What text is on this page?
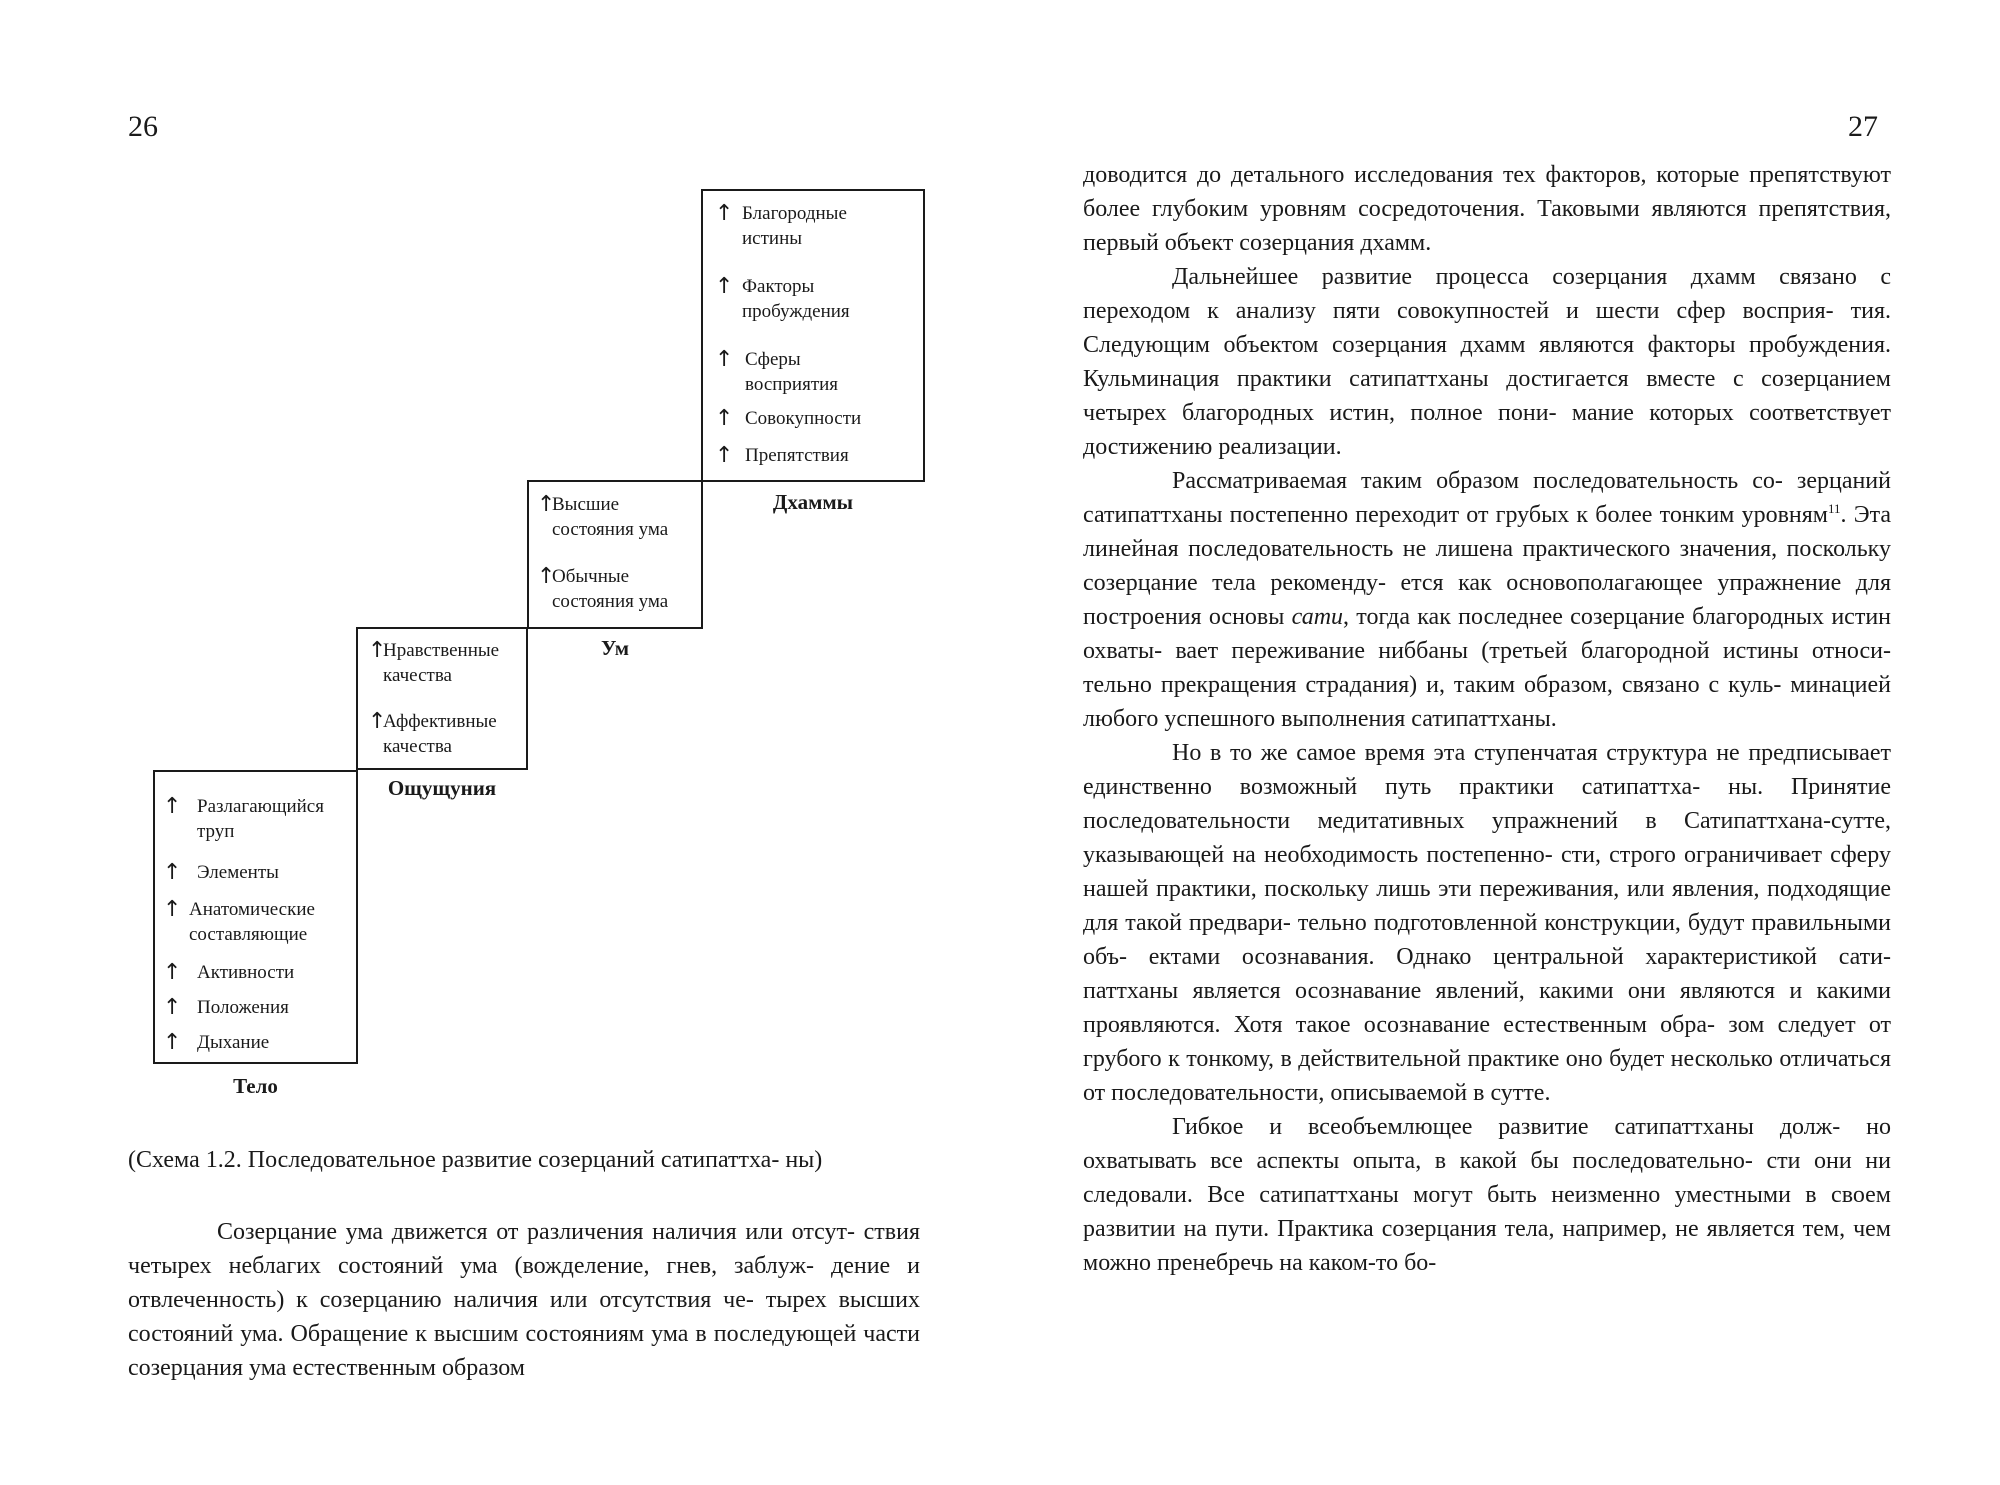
26	27
↑ Разлагающийся
труп
↑ Элементы
↑ Анатомические
составляющие
↑ Активности
↑ Положения
↑ Дыхание
Тело
↑
Нравственные
качества
↑
Аффективные
качества
Ощущуния
↑
Высшие
состояния ума
↑
Обычные
состояния ума
Ум
↑ Благородные
истины
↑ Факторы
пробуждения
↑ Сферы
восприятия
↑ Совокупности
↑ Препятствия
Дхаммы

(Схема 1.2. Последовательное развитие созерцаний сатипаттха- ны)

Созерцание ума движется от различения наличия или отсут- ствия четырех неблагих состояний ума (вожделение, гнев, заблуж- дение и отвлеченность) к созерцанию наличия или отсутствия че- тырех высших состояний ума. Обращение к высшим состояниям ума в последующей части созерцания ума естественным образом

доводится до детального исследования тех факторов, которые препятствуют более глубоким уровням сосредоточения. Таковыми являются препятствия, первый объект созерцания дхамм.

Дальнейшее развитие процесса созерцания дхамм связано с переходом к анализу пяти совокупностей и шести сфер восприя- тия. Следующим объектом созерцания дхамм являются факторы пробуждения. Кульминация практики сатипаттханы достигается вместе с созерцанием четырех благородных истин, полное пони- мание которых соответствует достижению реализации.

Рассматриваемая таким образом последовательность со- зерцаний сатипаттханы постепенно переходит от грубых к более тонким уровням$^{11}$. Эта линейная последовательность не лишена практического значения, поскольку созерцание тела рекоменду- ется как основополагающее упражнение для построения основы сати, тогда как последнее созерцание благородных истин охваты- вает переживание ниббаны (третьей благородной истины относи- тельно прекращения страдания) и, таким образом, связано с куль- минацией любого успешного выполнения сатипаттханы.

Но в то же самое время эта ступенчатая структура не предписывает единственно возможный путь практики сатипаттха- ны. Принятие последовательности медитативных упражнений в Сатипаттхана-сутте, указывающей на необходимость постепенно- сти, строго ограничивает сферу нашей практики, поскольку лишь эти переживания, или явления, подходящие для такой предвари- тельно подготовленной конструкции, будут правильными объ- ектами осознавания. Однако центральной характеристикой сати- паттханы является осознавание явлений, какими они являются и какими проявляются. Хотя такое осознавание естественным обра- зом следует от грубого к тонкому, в действительной практике оно будет несколько отличаться от последовательности, описываемой в сутте.

Гибкое и всеобъемлющее развитие сатипаттханы долж- но охватывать все аспекты опыта, в какой бы последовательно- сти они ни следовали. Все сатипаттханы могут быть неизменно уместными в своем развитии на пути. Практика созерцания тела, например, не является тем, чем можно пренебречь на каком-то бо-
